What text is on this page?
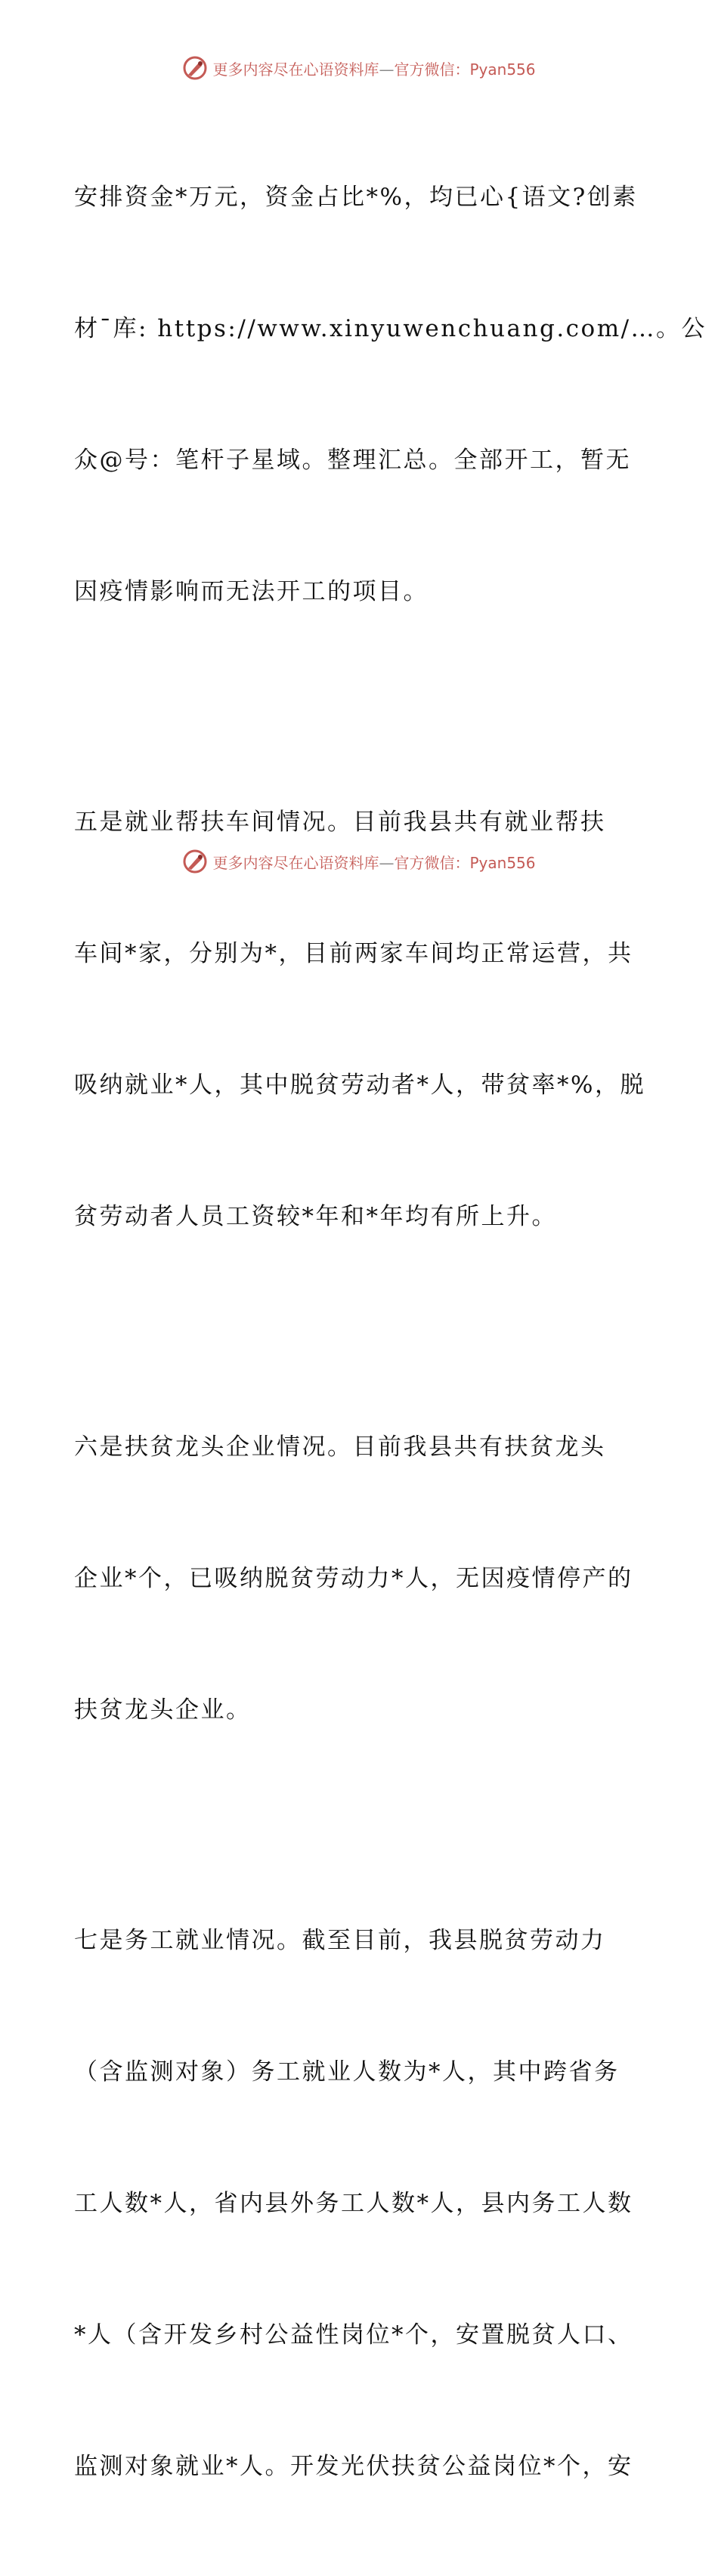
更多内容尽在心语资料库—官方微信：Pyan556

安排资金*万元，资金占比*%，均已心{语文?创素

材¯库: https://www.xinyuwenchuang.com/…。公

众@号：笔杆子星域。整理汇总。全部开工，暂无

因疫情影响而无法开工的项目。

五是就业帮扶车间情况。目前我县共有就业帮扶

车间*家，分别为*，目前两家车间均正常运营，共

吸纳就业*人，其中脱贫劳动者*人，带贫率*%，脱

贫劳动者人员工资较*年和*年均有所上升。

六是扶贫龙头企业情况。目前我县共有扶贫龙头

企业*个，已吸纳脱贫劳动力*人，无因疫情停产的

扶贫龙头企业。

七是务工就业情况。截至目前，我县脱贫劳动力

（含监测对象）务工就业人数为*人，其中跨省务

工人数*人，省内县外务工人数*人，县内务工人数

*人（含开发乡村公益性岗位*个，安置脱贫人口、

监测对象就业*人。开发光伏扶贫公益岗位*个，安

更多内容尽在心语资料库—官方微信：Pyan556
